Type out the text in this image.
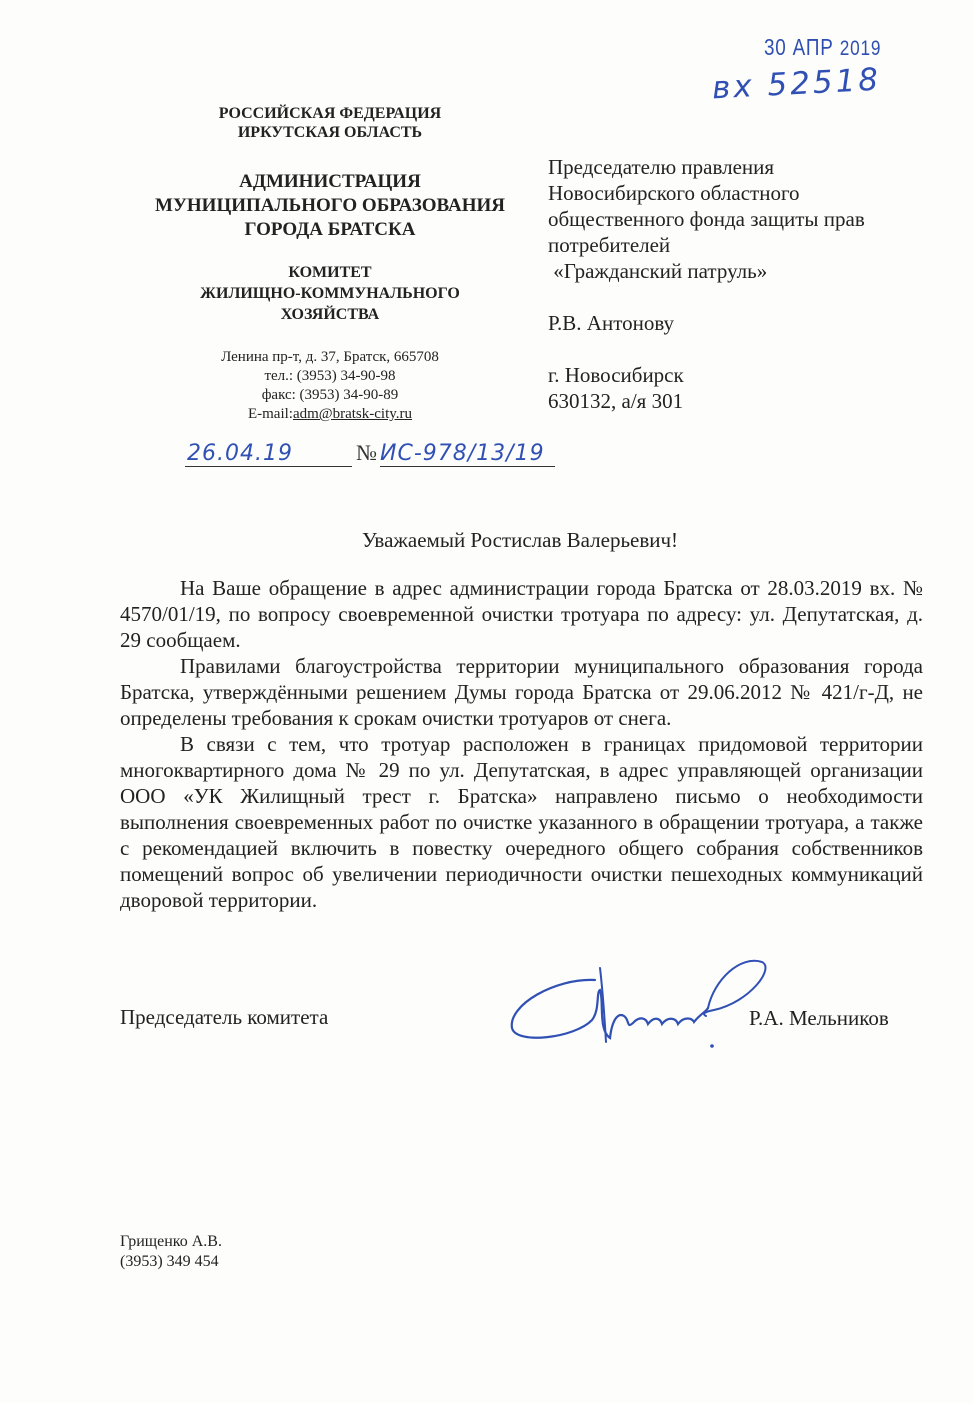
30 АПР 2019
вх 52518
РОССИЙСКАЯ ФЕДЕРАЦИЯ
ИРКУТСКАЯ ОБЛАСТЬ
АДМИНИСТРАЦИЯ
МУНИЦИПАЛЬНОГО ОБРАЗОВАНИЯ
ГОРОДА БРАТСКА
КОМИТЕТ
ЖИЛИЩНО-КОММУНАЛЬНОГО
ХОЗЯЙСТВА
Ленина пр-т, д. 37, Братск, 665708
тел.: (3953) 34-90-98
факс: (3953) 34-90-89
E-mail:adm@bratsk-city.ru
26.04.19	№ ИС-978/13/19

Председателю правления

Новосибирского областного

общественного фонда защиты прав

потребителей

«Гражданский патруль»

Р.В. Антонову

г. Новосибирск

630132, а/я 301

Уважаемый Ростислав Валерьевич!

На Ваше обращение в адрес администрации города Братска от 28.03.2019 вх. № 4570/01/19, по вопросу своевременной очистки тротуара по адресу: ул. Депутатская, д. 29 сообщаем.

Правилами благоустройства территории муниципального образования города Братска, утверждёнными решением Думы города Братска от 29.06.2012 № 421/г-Д, не определены требования к срокам очистки тротуаров от снега.

В связи с тем, что тротуар расположен в границах придомовой территории многоквартирного дома № 29 по ул. Депутатская, в адрес управляющей организации ООО «УК Жилищный трест г. Братска» направлено письмо о необходимости выполнения своевременных работ по очистке указанного в обращении тротуара, а также с рекомендацией включить в повестку очередного общего собрания собственников помещений вопрос об увеличении периодичности очистки пешеходных коммуникаций дворовой территории.

Председатель комитета	Р.А. Мельников
Грищенко А.В.
(3953) 349 454
